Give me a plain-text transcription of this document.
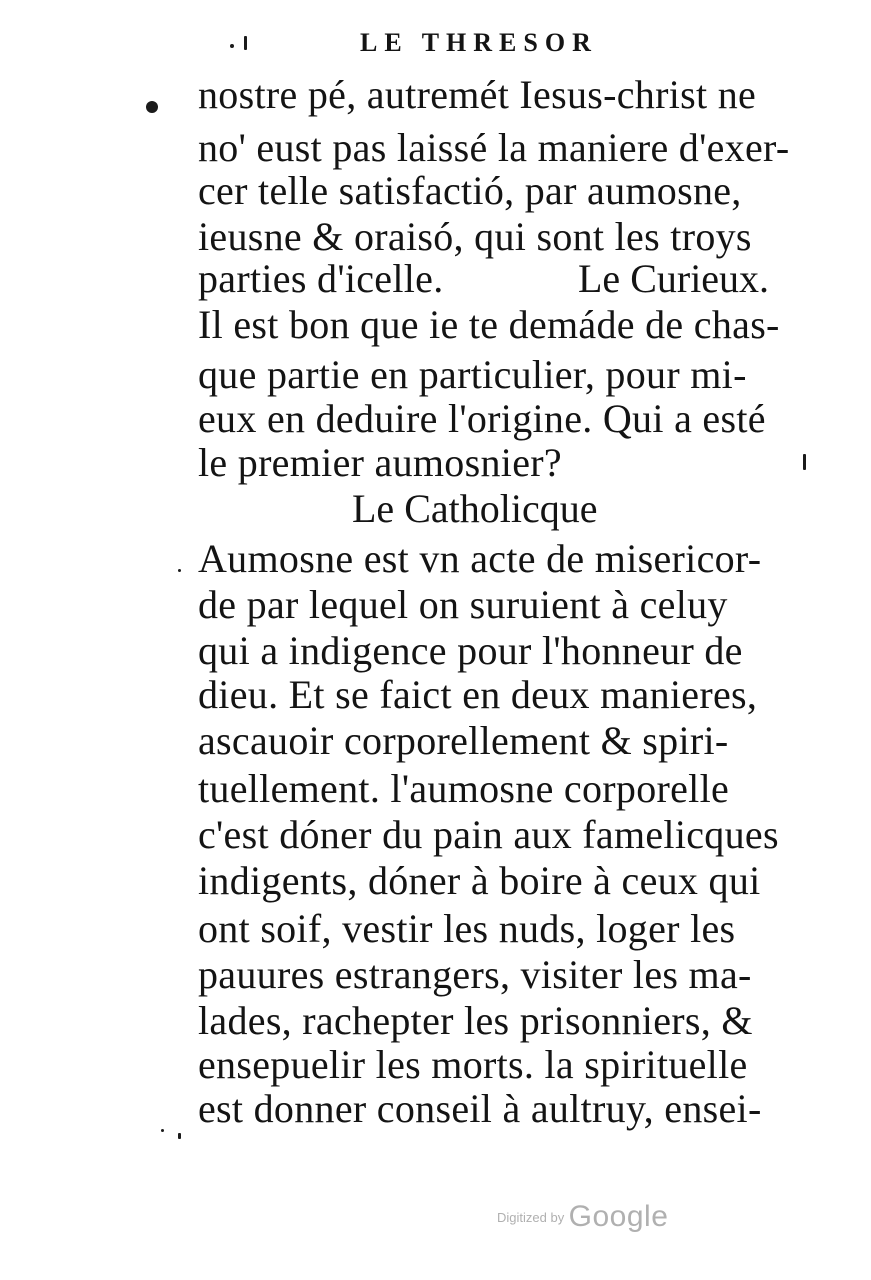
LE THRESOR
nostre pé, autremét Iesus-christ ne
no' eust pas laissé la maniere d'exer-
cer telle satisfactió, par aumosne,
ieusne & oraisó, qui sont les troys
parties d'icelle.	Le Curieux.
Il est bon que ie te demáde de chas-
que partie en particulier, pour mi-
eux en deduire l'origine. Qui a esté
le premier aumosnier?
Le Catholicque
Aumosne est vn acte de misericor-
de par lequel on suruient à celuy
qui a indigence pour l'honneur de
dieu. Et se faict en deux manieres,
ascauoir corporellement & spiri-
tuellement. l'aumosne corporelle
c'est dóner du pain aux famelicques
indigents, dóner à boire à ceux qui
ont soif, vestir les nuds, loger les
pauures estrangers, visiter les ma-
lades, rachepter les prisonniers, &
ensepuelir les morts. la spirituelle
est donner conseil à aultruy, ensei-
$^{Digitized by}$ Google
